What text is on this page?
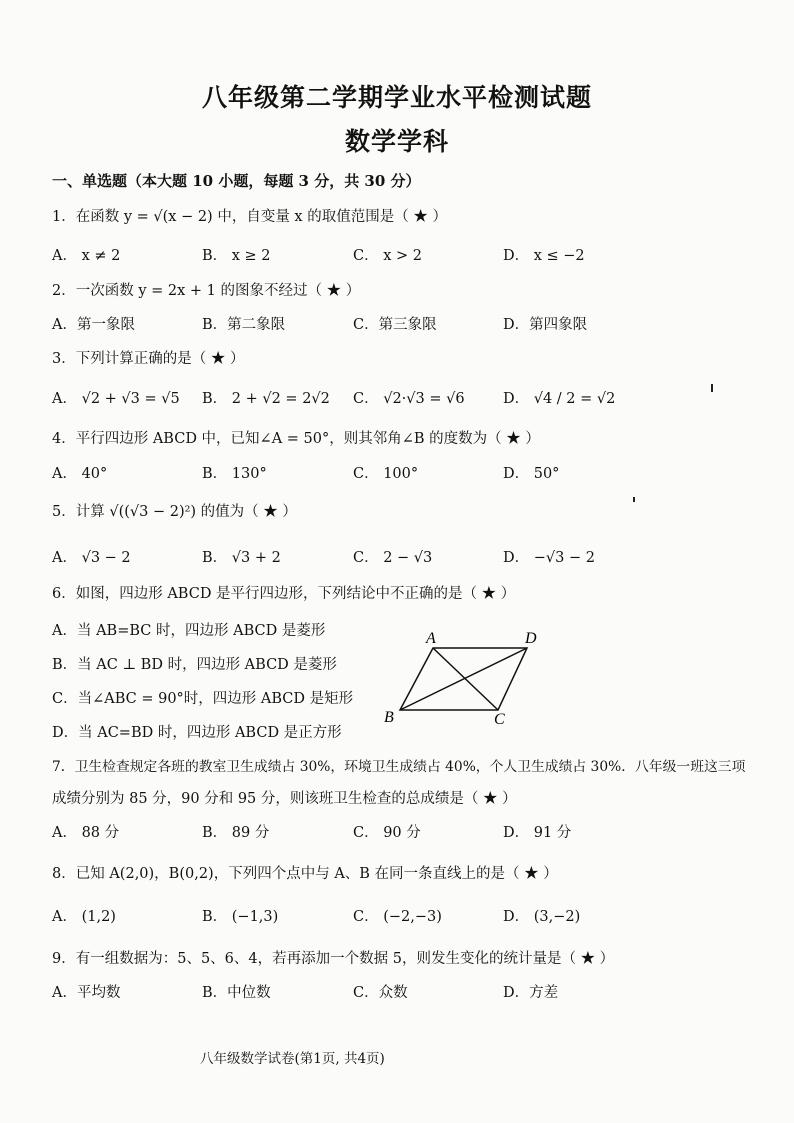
八年级第二学期学业水平检测试题
数学学科
一、单选题（本大题 10 小题，每题 3 分，共 30 分）
1．在函数 y = √(x − 2) 中，自变量 x 的取值范围是（ ★ ）
A． x ≠ 2	B． x ≥ 2	C． x > 2	D． x ≤ −2
2．一次函数 y = 2x + 1 的图象不经过（ ★ ）
A．第一象限	B．第二象限	C．第三象限	D．第四象限
3．下列计算正确的是（ ★ ）
A． √2 + √3 = √5 B． 2 + √2 = 2√2 C． √2·√3 = √6	D． √4 / 2 = √2
4．平行四边形 ABCD 中，已知∠A = 50°，则其邻角∠B 的度数为（ ★ ）
A． 40°	B． 130°	C． 100°	D． 50°
5．计算 √((√3 − 2)²) 的值为（ ★ ）
A． √3 − 2	B． √3 + 2	C． 2 − √3	D． −√3 − 2
6．如图，四边形 ABCD 是平行四边形，下列结论中不正确的是（ ★ ）
A．当 AB=BC 时，四边形 ABCD 是菱形
B．当 AC ⊥ BD 时，四边形 ABCD 是菱形
C．当∠ABC = 90°时，四边形 ABCD 是矩形
D．当 AC=BD 时，四边形 ABCD 是正方形
A	D
B	C
7．卫生检查规定各班的教室卫生成绩占 30%，环境卫生成绩占 40%，个人卫生成绩占 30%．八年级一班这三项
成绩分别为 85 分，90 分和 95 分，则该班卫生检查的总成绩是（ ★ ）
A． 88 分	B． 89 分	C． 90 分	D． 91 分
8．已知 A(2,0)，B(0,2)，下列四个点中与 A、B 在同一条直线上的是（ ★ ）
A． (1,2)	B． (−1,3)	C． (−2,−3)	D． (3,−2)
9．有一组数据为：5、5、6、4，若再添加一个数据 5，则发生变化的统计量是（ ★ ）
A．平均数	B．中位数	C．众数	D．方差
八年级数学试卷(第1页, 共4页)
